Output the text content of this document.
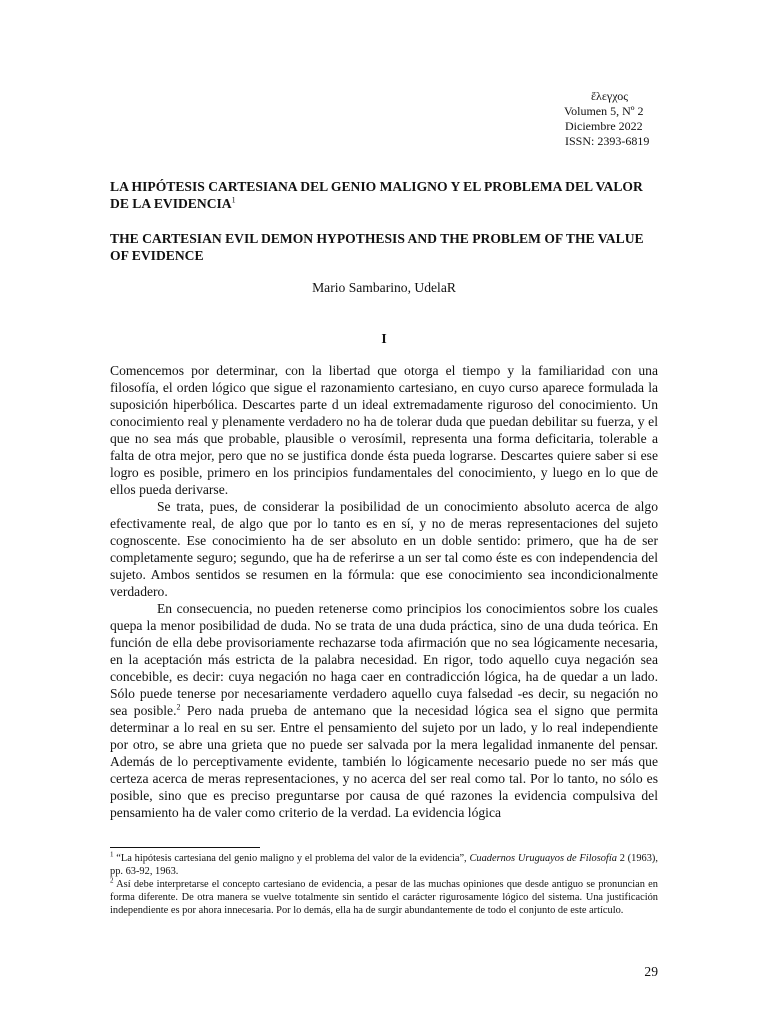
ἔλεγχος
Volumen 5, Nº 2
Diciembre 2022
ISSN: 2393-6819
LA HIPÓTESIS CARTESIANA DEL GENIO MALIGNO Y EL PROBLEMA DEL VALOR DE LA EVIDENCIA$^1$
THE CARTESIAN EVIL DEMON HYPOTHESIS AND THE PROBLEM OF THE VALUE OF EVIDENCE
Mario Sambarino, UdelaR
I

Comencemos por determinar, con la libertad que otorga el tiempo y la familiaridad con una filosofía, el orden lógico que sigue el razonamiento cartesiano, en cuyo curso aparece formulada la suposición hiperbólica. Descartes parte d un ideal extremadamente riguroso del conocimiento. Un conocimiento real y plenamente verdadero no ha de tolerar duda que puedan debilitar su fuerza, y el que no sea más que probable, plausible o verosímil, representa una forma deficitaria, tolerable a falta de otra mejor, pero que no se justifica donde ésta pueda lograrse. Descartes quiere saber si ese logro es posible, primero en los principios fundamentales del conocimiento, y luego en lo que de ellos pueda derivarse.

Se trata, pues, de considerar la posibilidad de un conocimiento absoluto acerca de algo efectivamente real, de algo que por lo tanto es en sí, y no de meras representaciones del sujeto cognoscente. Ese conocimiento ha de ser absoluto en un doble sentido: primero, que ha de ser completamente seguro; segundo, que ha de referirse a un ser tal como éste es con independencia del sujeto. Ambos sentidos se resumen en la fórmula: que ese conocimiento sea incondicionalmente verdadero.

En consecuencia, no pueden retenerse como principios los conocimientos sobre los cuales quepa la menor posibilidad de duda. No se trata de una duda práctica, sino de una duda teórica. En función de ella debe provisoriamente rechazarse toda afirmación que no sea lógicamente necesaria, en la aceptación más estricta de la palabra necesidad. En rigor, todo aquello cuya negación sea concebible, es decir: cuya negación no haga caer en contradicción lógica, ha de quedar a un lado. Sólo puede tenerse por necesariamente verdadero aquello cuya falsedad -es decir, su negación no sea posible.$^2$ Pero nada prueba de antemano que la necesidad lógica sea el signo que permita determinar a lo real en su ser. Entre el pensamiento del sujeto por un lado, y lo real independiente por otro, se abre una grieta que no puede ser salvada por la mera legalidad inmanente del pensar. Además de lo perceptivamente evidente, también lo lógicamente necesario puede no ser más que certeza acerca de meras representaciones, y no acerca del ser real como tal. Por lo tanto, no sólo es posible, sino que es preciso preguntarse por causa de qué razones la evidencia compulsiva del pensamiento ha de valer como criterio de la verdad. La evidencia lógica

$^1$ “La hipótesis cartesiana del genio maligno y el problema del valor de la evidencia”, Cuadernos Uruguayos de Filosofía 2 (1963), pp. 63-92, 1963.

$^2$ Así debe interpretarse el concepto cartesiano de evidencia, a pesar de las muchas opiniones que desde antiguo se pronuncian en forma diferente. De otra manera se vuelve totalmente sin sentido el carácter rigurosamente lógico del sistema. Una justificación independiente es por ahora innecesaria. Por lo demás, ella ha de surgir abundantemente de todo el conjunto de este artículo.

29
